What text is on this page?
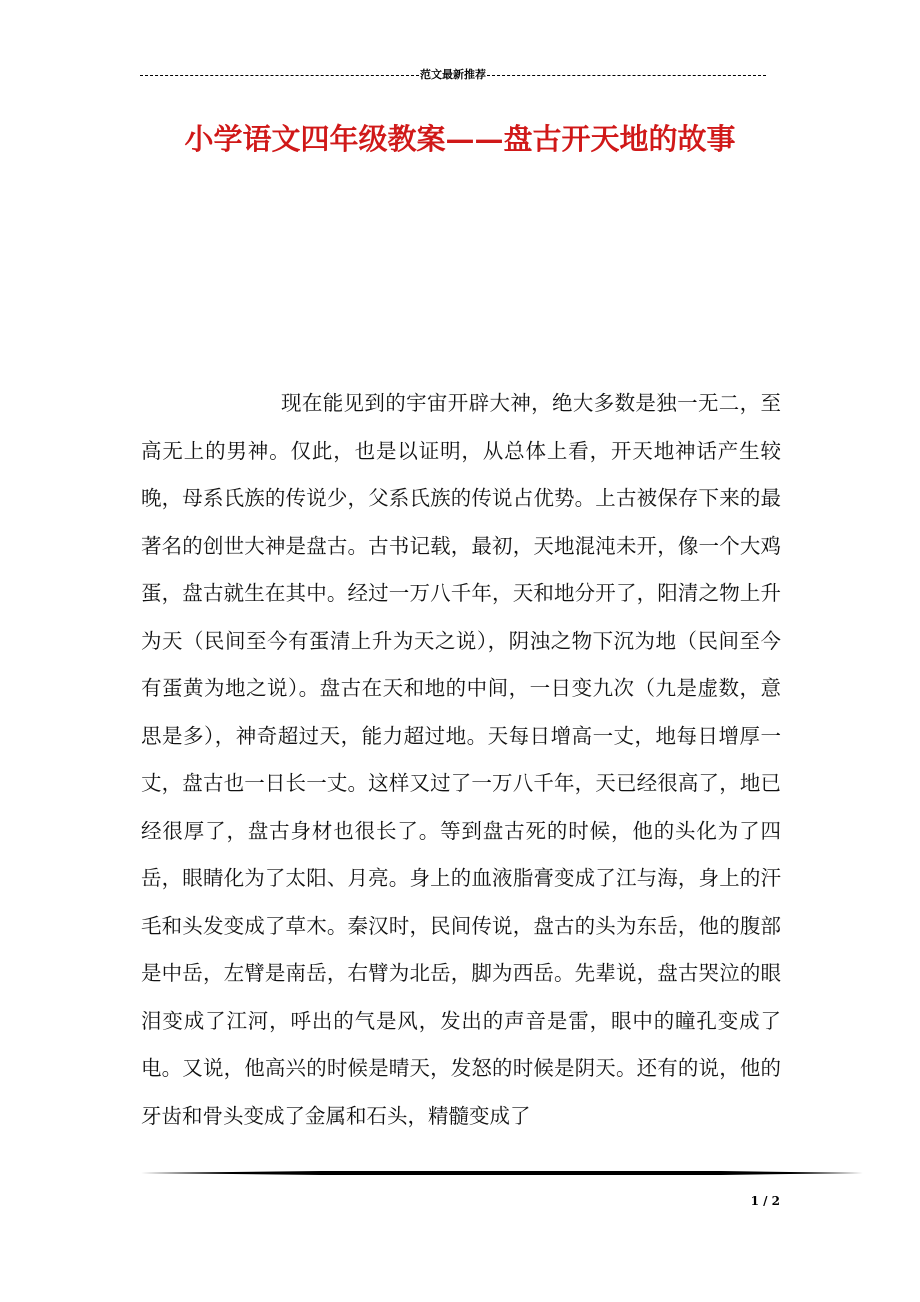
范文最新推荐
小学语文四年级教案——盘古开天地的故事

现在能见到的宇宙开辟大神，绝大多数是独一无二，至高无上的男神。仅此，也是以证明，从总体上看，开天地神话产生较晚，母系氏族的传说少，父系氏族的传说占优势。上古被保存下来的最著名的创世大神是盘古。古书记载，最初，天地混沌未开，像一个大鸡蛋，盘古就生在其中。经过一万八千年，天和地分开了，阳清之物上升为天（民间至今有蛋清上升为天之说），阴浊之物下沉为地（民间至今有蛋黄为地之说）。盘古在天和地的中间，一日变九次（九是虚数，意思是多），神奇超过天，能力超过地。天每日增高一丈，地每日增厚一丈，盘古也一日长一丈。这样又过了一万八千年，天已经很高了，地已经很厚了，盘古身材也很长了。等到盘古死的时候，他的头化为了四岳，眼睛化为了太阳、月亮。身上的血液脂膏变成了江与海，身上的汗毛和头发变成了草木。秦汉时，民间传说，盘古的头为东岳，他的腹部是中岳，左臂是南岳，右臂为北岳，脚为西岳。先辈说，盘古哭泣的眼泪变成了江河，呼出的气是风，发出的声音是雷，眼中的瞳孔变成了电。又说，他高兴的时候是晴天，发怒的时候是阴天。还有的说，他的牙齿和骨头变成了金属和石头，精髓变成了

1 / 2
